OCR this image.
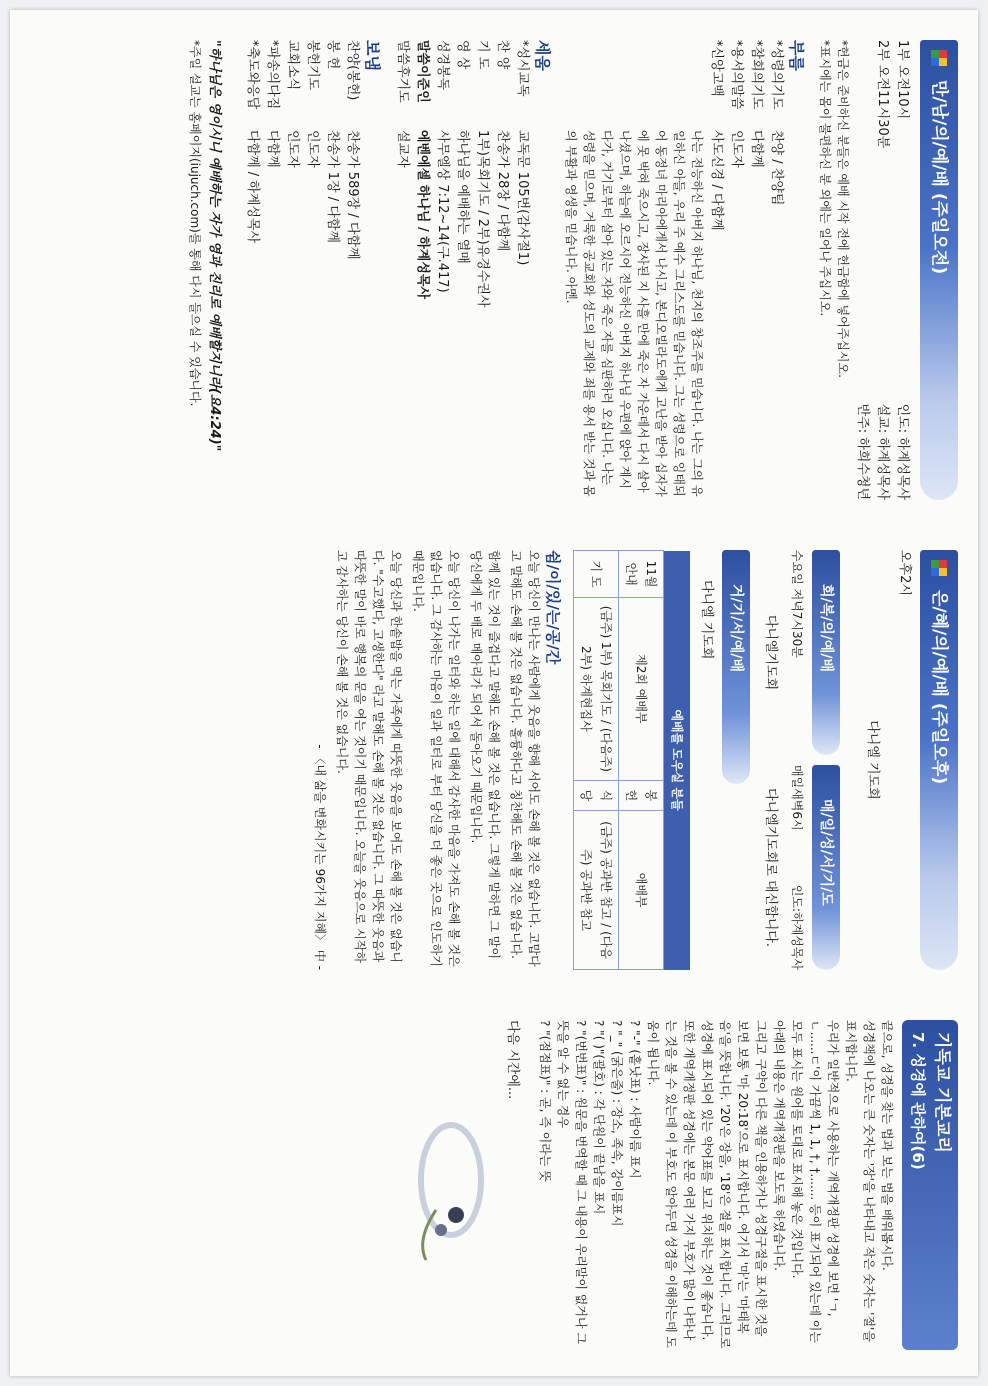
만/남/의/예/배 (주일오전)
1부 오전10시
2부 오전11시30분
인도: 하계성목사
설교: 하계성목사
반주: 하희수청년
*헌금은 준비하신 분들은 예배 시작 전에 헌금함에 넣어주십시오.
*표시에는 몸이 불편하신 분 외에는 일어나 주십시오.
부름
*성령의기도
찬양 / 찬양팀
*참회의기도
다함께
*용서의말씀
인도자
*신앙고백
사도신경 / 다함께
나는 전능하신 아버지 하나님, 천지의 창조주를 믿습니다. 나는 그의 유일하신 아들, 우리 주 예수 그리스도를 믿습니다. 그는 성령으로 잉태되어 동정녀 마리아에게서 나시고, 본디오빌라도에게 고난을 받아 십자가에 못 박혀 죽으시고, 장사된 지 사흘 만에 죽은 자 가운데서 다시 살아나셨으며, 하늘에 오르시어 전능하신 아버지 하나님 우편에 앉아 계시다가, 거기로부터 살아 있는 자와 죽은 자를 심판하러 오십니다. 나는 성령을 믿으며, 거룩한 공교회와 성도의 교제와 죄를 용서 받는 것과 몸의 부활과 영생을 믿습니다. 아멘.
세움
*성시교독
교독문 105번(감사절1)
찬 양
찬송가 28장 / 다함께
기 도
1부)목회기도 / 2부)유경수권사
영 상
하나님을 예배하는 열매
성경봉독
사무엘상 7:12~14(구.417)
말씀이준인
에벤에셀 하나님 / 하계성목사
말씀후기도
설교자
보냄
찬양(봉헌)
찬송가 589장 / 다함께
봉 헌
찬송가 1장 / 다함께
봉헌기도
인도자
교회소식
인도자
*파송의다짐
다함께
*축도와응답
다함께 / 하계성목사
"하나님은 영이시니 예배하는 자가 영과 진리로 예배할지니라(요4:24)"
*주일 설교는 홈페이지(iujuch.com)를 통해 다시 들으실 수 있습니다.
은/혜/의/예/배 (주일오후)
오후2시
다니엘 기도회
회/복/의/예/배
수요일 저녁7시30분
다니엘기도회
매/일/성/서/기/도
매일새벽6시
인도:하계성목사
다니엘기도회로 대신합니다.
거/기/서/예/배
다니엘 기도회
예배를 도우실 분들			
11월안내	제2회 예배부	봉 헌	애배부
기 도	(금주) 1부) 목회기도 / (다음주) 2부) 하계현집사	식 당	(금주) 공과반 참고 / (다음주) 공과반 참고
쉼/이/있/는/공/간
오늘 당신이 만나는 사람에게 웃음을 향해 서어도 손해 볼 것은 없습니다. 고맙다고 말해도 손해 볼 것은 없습니다. 훌륭하다고 칭찬해도 손해 볼 것은 없습니다.
함께 있는 것이 즐겁다고 말해도 손해 볼 것은 없습니다. 그렇게 말하면 그 말이 당신에게 두 배로 메아리가 되어서 돌아오기 때문입니다.
오늘 당신이 나가는 일터와 하는 일에 대해서 감사한 마음을 가져도 손해 볼 것은 없습니다. 그 감사하는 마음이 일과 일터로 부터 당신을 더 좋은 곳으로 인도하기 때문입니다.
오늘 당신과 한솥밥을 먹는 가족에게 따뜻한 웃음을 보여도 손해 볼 것은 없습니다. "수고했다, 고생한다" 라고 말해도 손해 볼 것은 없습니다. 그 따뜻한 웃음과 따뜻한 말이 바로 행복의 문을 여는 것이기 때문입니다. 오늘을 웃음으로 시작하고 감사하는 당신이 손해 볼 것은 없습니다.
- 〈내 삶을 변화시키는 96가지 지혜〉 中 -
기독교 기본교리
7. 성경에 관하여(6)
끝으로, 성경을 찾는 법과 보는 법을 배워봅시다.
성경책에 나오는 큰 숫자는 '장'을 나타내고 작은 숫자는 '절'을 표시합니다.
우리가 일반적으로 사용하는 개역개정판 성경에 보면 'ㄱ, ㄴ......ㄷ'이 가끔씩 1, 1, †, †....... 등이 표기되어 있는데 이는 모두 표시는 원어를 토대로 표시해 놓은 것입니다.
아래의 내용은 개역개정판을 보도록 하였습니다.
그리고 구약이 다른 책을 인용하거나 성경구절을 표시한 것을 보면 보통 '마 20:18'으로 표시합니다. 여기서 '마'는 '마태복음'을 뜻합니다. '20'은 장을, '18'은 절을 표시합니다. 그러므로 성경에 표시되어 있는 약어표를 보고 위치하는 것이 좋습니다.
또한 개역개정판 성경에는 본문 여러 가지 부호가 많이 나타나는 것을 볼 수 있는데 이 부호도 알아두면 성경을 이해하는데 도움이 됩니다.
? "-" (홑낫표) : 사람이름 표시
? "_" (굵은줄) : 장소, 족속, 강이름표시
? "( )"(괄호) : 각 단원이 끝남을 표시
? "(번번표)" : 원문을 번역할 때 그 내용이 우리말이 없거나 그 뜻을 알 수 없는 경우
? "(점점표)" : 곧, 즉 이라는 뜻
다음 시간에...
